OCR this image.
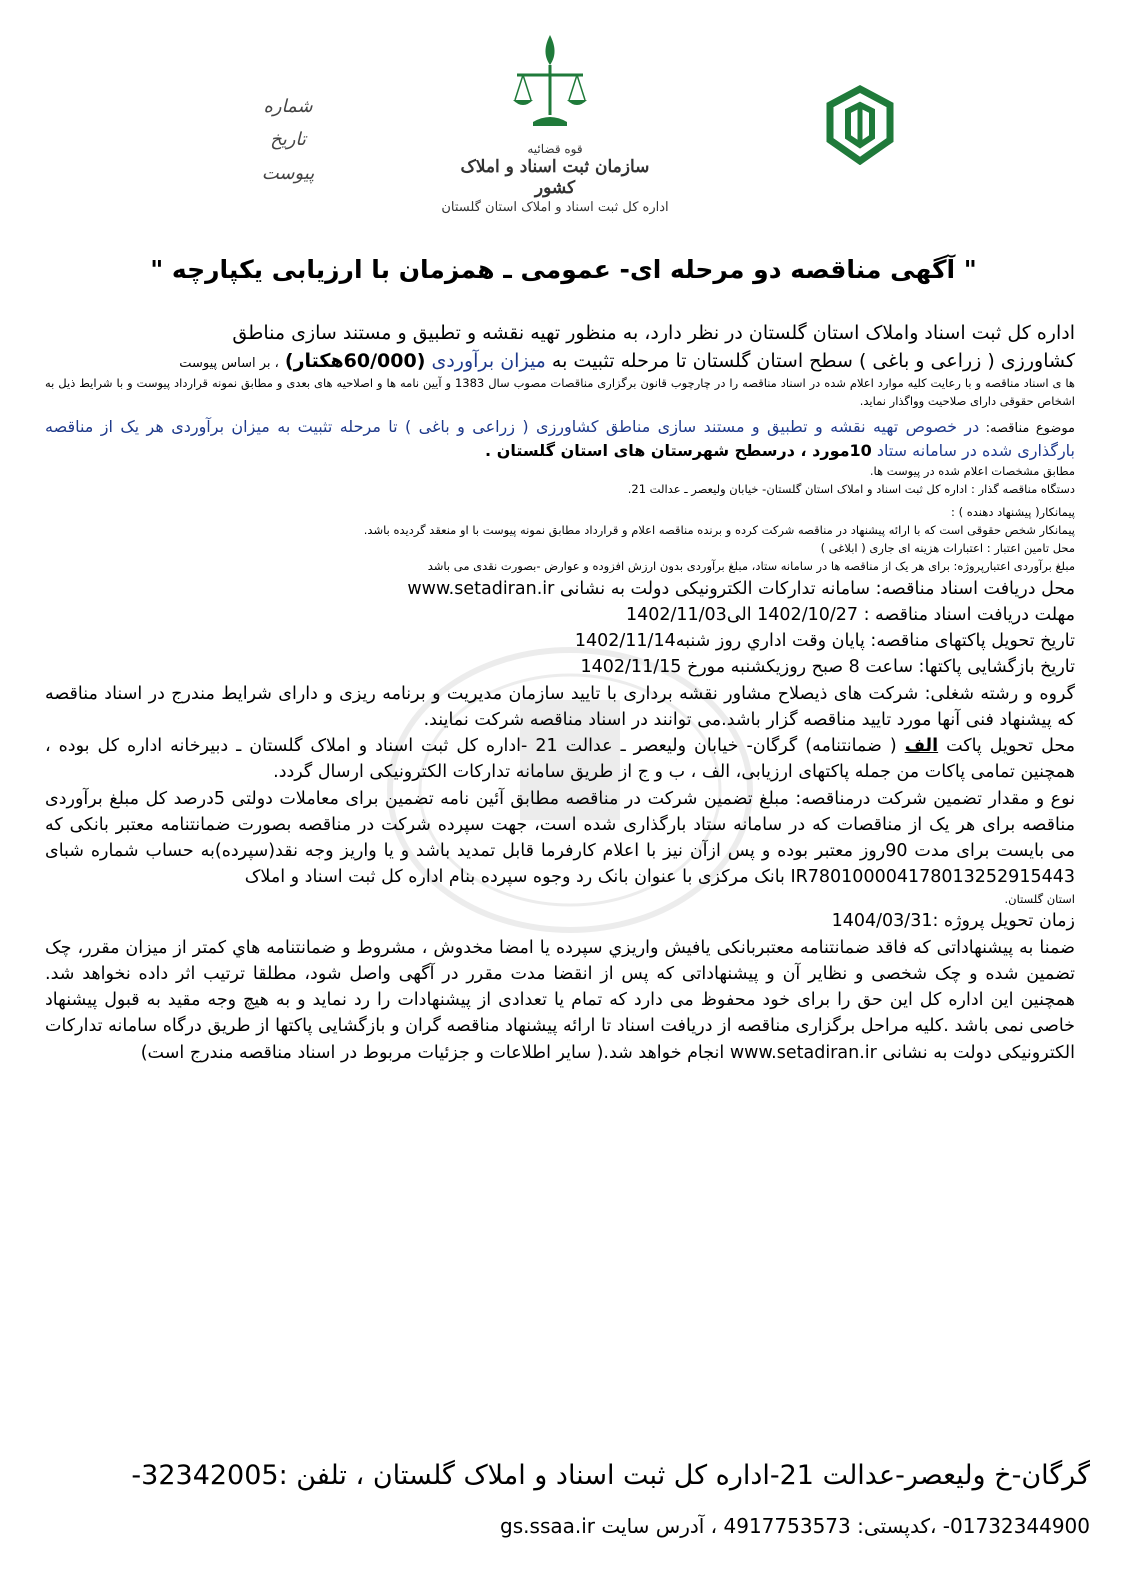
قوه قضائیه
سازمان ثبت اسناد و املاک کشور
اداره کل ثبت اسناد و املاک استان گلستان
شماره
تاریخ
پیوست
" آگهی مناقصه دو مرحله ای- عمومی ـ همزمان با ارزیابی یکپارچه "
اداره کل ثبت اسناد واملاک استان گلستان در نظر دارد، به منظور تهیه نقشه و تطبیق و مستند سازی مناطق
کشاورزی ( زراعی و باغی ) سطح استان گلستان تا مرحله تثبیت به میزان برآوردی (60/000هکتار) ، بر اساس پیوست
ها ی اسناد مناقصه و با رعایت کلیه موارد اعلام شده در اسناد مناقصه را در چارچوب قانون برگزاری مناقصات مصوب سال 1383 و آیین نامه ها و اصلاحیه های بعدی و مطابق نمونه قرارداد پیوست و با شرایط ذیل به اشخاص حقوقی دارای صلاحیت وواگذار نماید.
موضوع مناقصه: در خصوص تهیه نقشه و تطبیق و مستند سازی مناطق کشاورزی ( زراعی و باغی ) تا مرحله تثبیت به میزان برآوردی هر یک از مناقصه بارگذاری شده در سامانه ستاد 10مورد ، درسطح شهرستان های استان گلستان .
مطابق مشخصات اعلام شده در پیوست ها.
دستگاه مناقصه گذار : اداره کل ثبت اسناد و املاک استان گلستان- خیابان ولیعصر ـ عدالت 21.
پیمانکار( پیشنهاد دهنده ) :
پیمانکار شخص حقوقی است که با ارائه پیشنهاد در مناقصه شرکت کرده و برنده مناقصه اعلام و قرارداد مطابق نمونه پیوست با او منعقد گردیده باشد.
محل تامین اعتبار : اعتبارات هزینه ای جاری ( ابلاغی )
مبلغ برآوردی اعتبارپروژه: برای هر یک از مناقصه ها در سامانه ستاد، مبلغ برآوردی بدون ارزش افزوده و عوارض -بصورت نقدی می باشد
محل دریافت اسناد مناقصه: سامانه تدارکات الکترونیکی دولت به نشانی www.setadiran.ir
مهلت دریافت اسناد مناقصه : 1402/10/27 الی1402/11/03
تاریخ تحویل پاکتهای مناقصه: پایان وقت اداري روز شنبه1402/11/14
تاریخ بازگشایی پاکتها: ساعت 8 صبح روزیکشنبه مورخ 1402/11/15
گروه و رشته شغلی: شرکت های ذیصلاح مشاور نقشه برداری با تایید سازمان مدیریت و برنامه ریزی و دارای شرایط مندرج در اسناد مناقصه که پیشنهاد فنی آنها مورد تایید مناقصه گزار باشد.می توانند در اسناد مناقصه شرکت نمایند.
محل تحویل پاکت الف ( ضمانتنامه) گرگان- خیابان ولیعصر ـ عدالت 21 -اداره کل ثبت اسناد و املاک گلستان ـ دبیرخانه اداره کل بوده ، همچنین تمامی پاکات من جمله پاکتهای ارزیابی، الف ، ب و ج از طریق سامانه تدارکات الکترونیکی ارسال گردد.
نوع و مقدار تضمین شرکت درمناقصه: مبلغ تضمین شرکت در مناقصه مطابق آئین نامه تضمین برای معاملات دولتی 5درصد کل مبلغ برآوردی مناقصه برای هر یک از مناقصات که در سامانه ستاد بارگذاری شده است، جهت سپرده شرکت در مناقصه بصورت ضمانتنامه معتبر بانکی که می بایست برای مدت 90روز معتبر بوده و پس ازآن نیز با اعلام کارفرما قابل تمدید باشد و یا واریز وجه نقد(سپرده)به حساب شماره شبای IR780100004178013252915443 بانک مرکزی با عنوان بانک رد وجوه سپرده بنام اداره کل ثبت اسناد و املاک
استان گلستان.
زمان تحویل پروژه :1404/03/31
ضمنا به پیشنهاداتی که فاقد ضمانتنامه معتبربانکی یافیش واریزي سپرده یا امضا مخدوش ، مشروط و ضمانتنامه هاي کمتر از میزان مقرر، چک تضمین شده و چک شخصی و نظایر آن و پیشنهاداتی که پس از انقضا مدت مقرر در آگهی واصل شود، مطلقا ترتیب اثر داده نخواهد شد. همچنین این اداره کل این حق را برای خود محفوظ می دارد که تمام یا تعدادی از پیشنهادات را رد نماید و به هیچ وجه مقید به قبول پیشنهاد خاصی نمی باشد .کلیه مراحل برگزاری مناقصه از دریافت اسناد تا ارائه پیشنهاد مناقصه گران و بازگشایی پاکتها از طریق درگاه سامانه تدارکات الکترونیکی دولت به نشانی www.setadiran.ir انجام خواهد شد.( سایر اطلاعات و جزئیات مربوط در اسناد مناقصه مندرج است)
گرگان-خ ولیعصر-عدالت 21-اداره کل ثبت اسناد و املاک گلستان ، تلفن :32342005-
01732344900- ،کدپستی: 4917753573 ، آدرس سایت gs.ssaa.ir
